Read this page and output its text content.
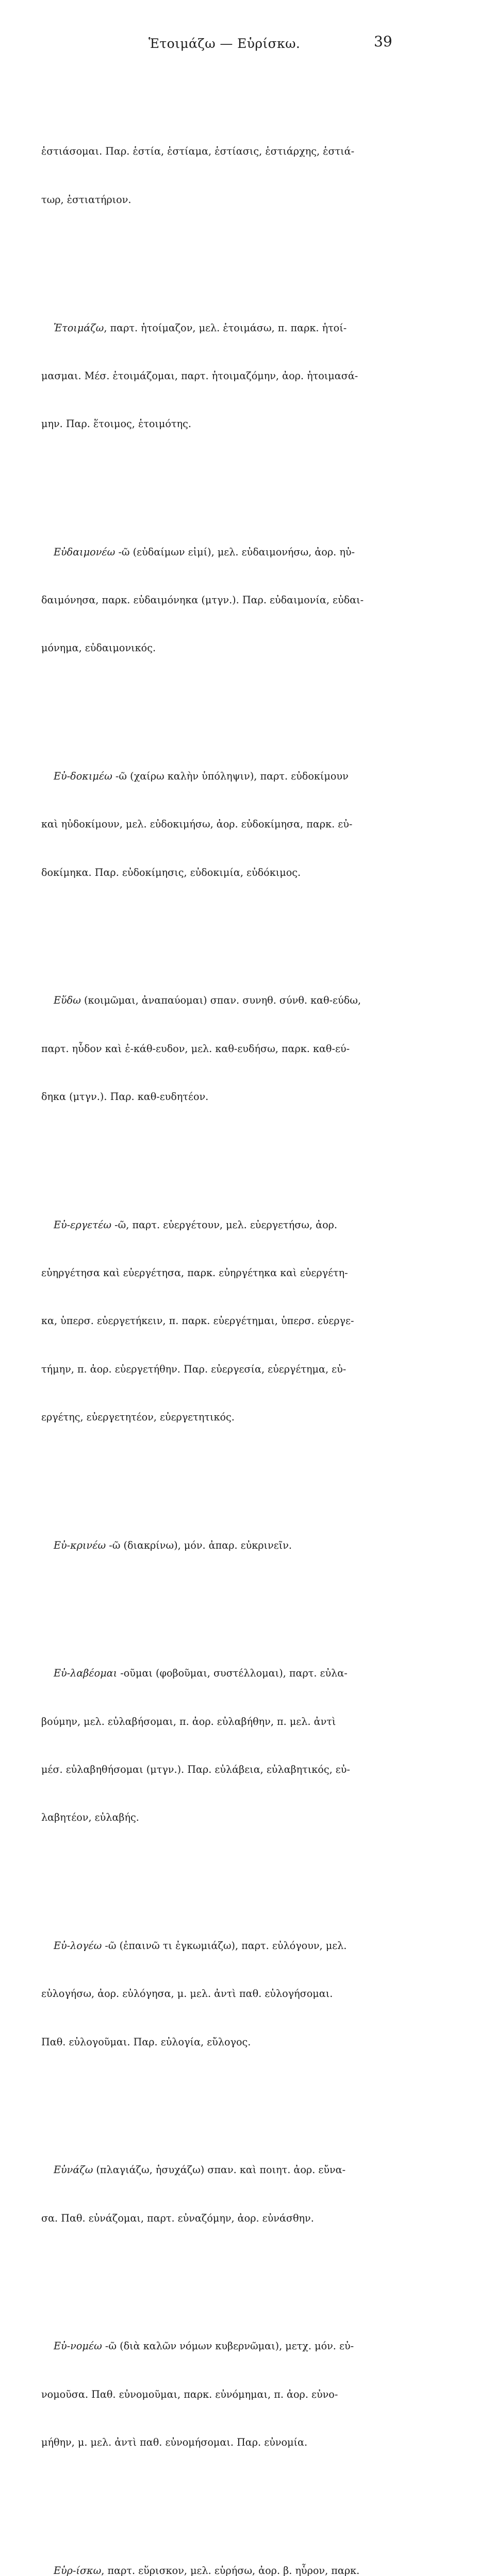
Ἑτοιμάζω — Εὑρίσκω.	39

ἑστιάσομαι. Παρ. ἑστία, ἑστίαμα, ἑστίασις, ἑστιάρχης, ἑστιά-

τωρ, ἑστιατήριον.

Ἑτοιμάζω, παρτ. ἡτοίμαζον, μελ. ἑτοιμάσω, π. παρκ. ἡτοί-

μασμαι. Μέσ. ἑτοιμάζομαι, παρτ. ἡτοιμαζόμην, ἀορ. ἡτοιμασά-

μην. Παρ. ἕτοιμος, ἑτοιμότης.

Εὐδαιμονέω -ῶ (εὐδαίμων εἰμί), μελ. εὐδαιμονήσω, ἀορ. ηὐ-

δαιμόνησα, παρκ. εὐδαιμόνηκα (μτγν.). Παρ. εὐδαιμονία, εὐδαι-

μόνημα, εὐδαιμονικός.

Εὐ-δοκιμέω -ῶ (χαίρω καλὴν ὑπόληψιν), παρτ. εὐδοκίμουν

καὶ ηὐδοκίμουν, μελ. εὐδοκιμήσω, ἀορ. εὐδοκίμησα, παρκ. εὐ-

δοκίμηκα. Παρ. εὐδοκίμησις, εὐδοκιμία, εὐδόκιμος.

Εὕδω (κοιμῶμαι, ἀναπαύομαι) σπαν. συνηθ. σύνθ. καθ-εύδω,

παρτ. ηὗδον καὶ ἐ-κάθ-ευδον, μελ. καθ-ευδήσω, παρκ. καθ-εύ-

δηκα (μτγν.). Παρ. καθ-ευδητέον.

Εὐ-εργετέω -ῶ, παρτ. εὐεργέτουν, μελ. εὐεργετήσω, ἀορ.

εὐηργέτησα καὶ εὐεργέτησα, παρκ. εὐηργέτηκα καὶ εὐεργέτη-

κα, ὑπερσ. εὐεργετήκειν, π. παρκ. εὐεργέτημαι, ὑπερσ. εὐεργε-

τήμην, π. ἀορ. εὐεργετήθην. Παρ. εὐεργεσία, εὐεργέτημα, εὐ-

εργέτης, εὐεργετητέον, εὐεργετητικός.

Εὐ-κρινέω -ῶ (διακρίνω), μόν. ἀπαρ. εὐκρινεῖν.

Εὐ-λαβέομαι -οῦμαι (φοβοῦμαι, συστέλλομαι), παρτ. εὐλα-

βούμην, μελ. εὐλαβήσομαι, π. ἀορ. εὐλαβήθην, π. μελ. ἀντὶ

μέσ. εὐλαβηθήσομαι (μτγν.). Παρ. εὐλάβεια, εὐλαβητικός, εὐ-

λαβητέον, εὐλαβής.

Εὐ-λογέω -ῶ (ἐπαινῶ τι ἐγκωμιάζω), παρτ. εὐλόγουν, μελ.

εὐλογήσω, ἀορ. εὐλόγησα, μ. μελ. ἀντὶ παθ. εὐλογήσομαι.

Παθ. εὐλογοῦμαι. Παρ. εὐλογία, εὔλογος.

Εὐνάζω (πλαγιάζω, ἡσυχάζω) σπαν. καὶ ποιητ. ἀορ. εὔνα-

σα. Παθ. εὐνάζομαι, παρτ. εὐναζόμην, ἀορ. εὐνάσθην.

Εὐ-νομέω -ῶ (διὰ καλῶν νόμων κυβερνῶμαι), μετχ. μόν. εὐ-

νομοῦσα. Παθ. εὐνομοῦμαι, παρκ. εὐνόμημαι, π. ἀορ. εὐνο-

μήθην, μ. μελ. ἀντὶ παθ. εὐνομήσομαι. Παρ. εὐνομία.

Εὑρ-ίσκω, παρτ. εὕρισκον, μελ. εὑρήσω, ἀορ. β. ηὗρον, παρκ.
